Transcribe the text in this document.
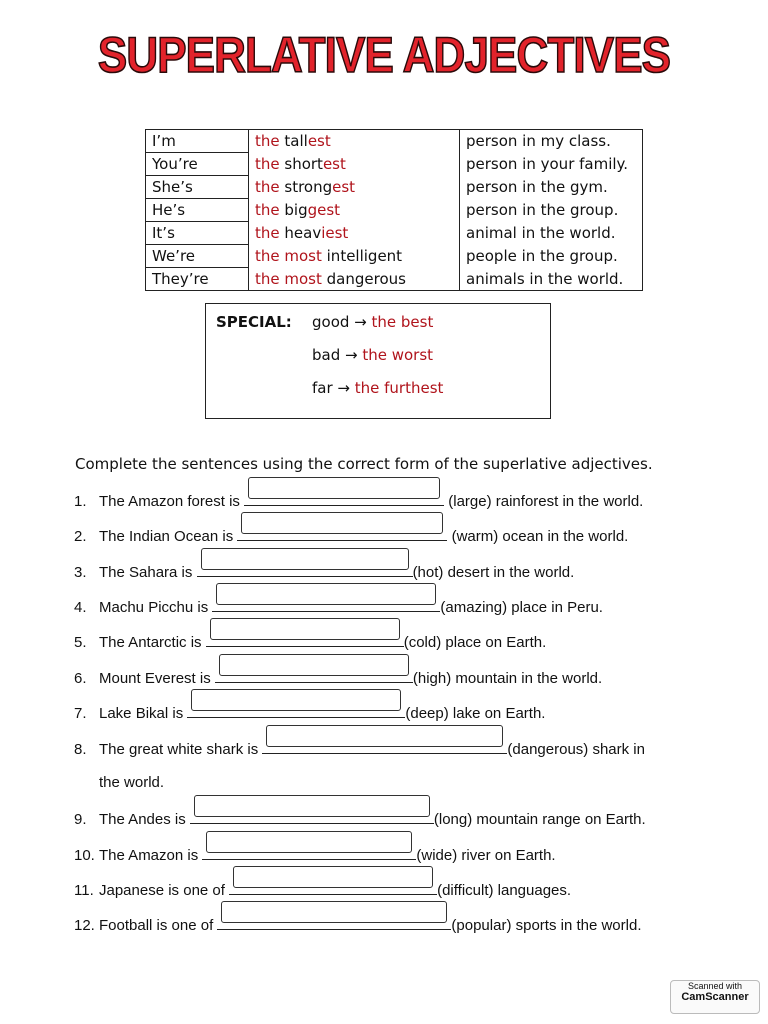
SUPERLATIVE ADJECTIVES
I’m	the tallest	person in my class.
You’re	the shortest	person in your family.
She’s	the strongest	person in the gym.
He’s	the biggest	person in the group.
It’s	the heaviest	animal in the world.
We’re	the most intelligent	people in the group.
They’re	the most dangerous	animals in the world.
SPECIAL: good → the best
bad → the worst
far → the furthest
Complete the sentences using the correct form of the superlative adjectives.
1. The Amazon forest is	(large) rainforest in the world.
2. The Indian Ocean is	(warm) ocean in the world.
3. The Sahara is	(hot) desert in the world.
4. Machu Picchu is	(amazing) place in Peru.
5. The Antarctic is	(cold) place on Earth.
6. Mount Everest is	(high) mountain in the world.
7. Lake Bikal is	(deep) lake on Earth.
8. The great white shark is	(dangerous) shark in
the world.
9. The Andes is	(long) mountain range on Earth.
10. The Amazon is	(wide) river on Earth.
11. Japanese is one of	(difficult) languages.
12. Football is one of	(popular) sports in the world.
Scanned with
CamScanner
